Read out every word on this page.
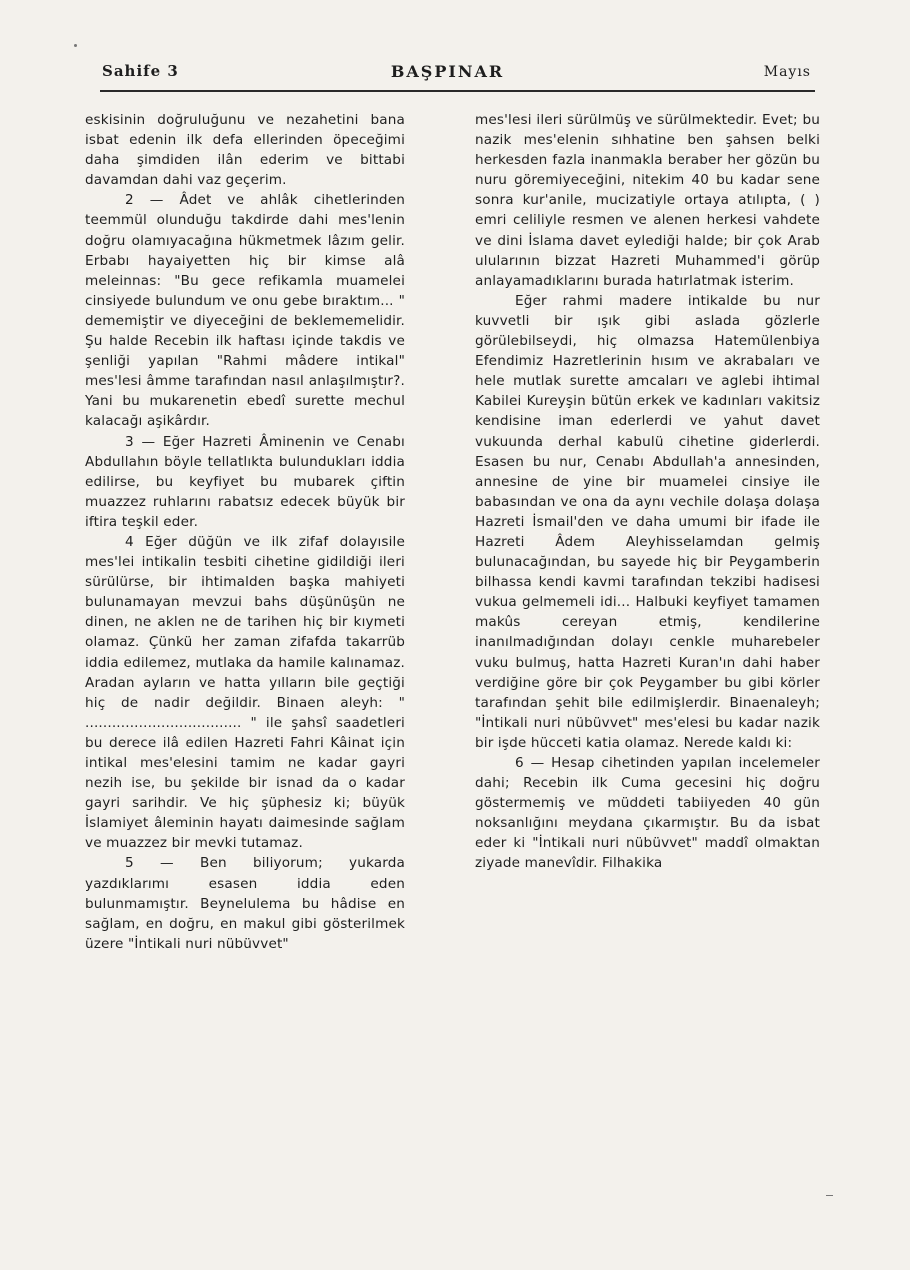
Sahife 3	BAŞPINAR	Mayıs

eskisinin doğruluğunu ve nezahetini bana isbat edenin ilk defa ellerinden öpeceğimi daha şimdiden ilân ederim ve bittabi davamdan dahi vaz geçerim.

2 — Âdet ve ahlâk cihetlerinden teemmül olunduğu takdirde dahi mes'lenin doğru olamıyacağına hükmetmek lâzım gelir. Erbabı hayaiyetten hiç bir kimse alâ meleinnas: "Bu gece refikamla muamelei cinsiyede bulundum ve onu gebe bıraktım... " dememiştir ve diyeceğini de beklememelidir. Şu halde Recebin ilk haftası içinde takdis ve şenliği yapılan "Rahmi mâdere intikal" mes'lesi âmme tarafından nasıl anlaşılmıştır?. Yani bu mukarenetin ebedî surette mechul kalacağı aşikârdır.

3 — Eğer Hazreti Âminenin ve Cenabı Abdullahın böyle tellatlıkta bulundukları iddia edilirse, bu keyfiyet bu mubarek çiftin muazzez ruhlarını rabatsız edecek büyük bir iftira teşkil eder.

4 Eğer düğün ve ilk zifaf dolayısile mes'lei intikalin tesbiti cihetine gidildiği ileri sürülürse, bir ihtimalden başka mahiyeti bulunamayan mevzui bahs düşünüşün ne dinen, ne aklen ne de tarihen hiç bir kıymeti olamaz. Çünkü her zaman zifafda takarrüb iddia edilemez, mutlaka da hamile kalınamaz. Aradan ayların ve hatta yılların bile geçtiği hiç de nadir değildir. Binaen aleyh: " ................................... " ile şahsî saadetleri bu derece ilâ edilen Hazreti Fahri Kâinat için intikal mes'elesini tamim ne kadar gayri nezih ise, bu şekilde bir isnad da o kadar gayri sarihdir. Ve hiç şüphesiz ki; büyük İslamiyet âleminin hayatı daimesinde sağlam ve muazzez bir mevki tutamaz.

5 — Ben biliyorum; yukarda yazdıklarımı esasen iddia eden bulunmamıştır. Beynelulema bu hâdise en sağlam, en doğru, en makul gibi gösterilmek üzere "İntikali nuri nübüvvet"

mes'lesi ileri sürülmüş ve sürülmektedir. Evet; bu nazik mes'elenin sıhhatine ben şahsen belki herkesden fazla inanmakla beraber her gözün bu nuru göremiyeceğini, nitekim 40 bu kadar sene sonra kur'anile, mucizatiyle ortaya atılıpta, ( ) emri celiliyle resmen ve alenen herkesi vahdete ve dini İslama davet eylediği halde; bir çok Arab ulularının bizzat Hazreti Muhammed'i görüp anlayamadıklarını burada hatırlatmak isterim.

Eğer rahmi madere intikalde bu nur kuvvetli bir ışık gibi aslada gözlerle görülebilseydi, hiç olmazsa Hatemülenbiya Efendimiz Hazretlerinin hısım ve akrabaları ve hele mutlak surette amcaları ve aglebi ihtimal Kabilei Kureyşin bütün erkek ve kadınları vakitsiz kendisine iman ederlerdi ve yahut davet vukuunda derhal kabulü cihetine giderlerdi. Esasen bu nur, Cenabı Abdullah'a annesinden, annesine de yine bir muamelei cinsiye ile babasından ve ona da aynı vechile dolaşa dolaşa Hazreti İsmail'den ve daha umumi bir ifade ile Hazreti Âdem Aleyhisselamdan gelmiş bulunacağından, bu sayede hiç bir Peygamberin bilhassa kendi kavmi tarafından tekzibi hadisesi vukua gelmemeli idi... Halbuki keyfiyet tamamen makûs cereyan etmiş, kendilerine inanılmadığından dolayı cenkle muharebeler vuku bulmuş, hatta Hazreti Kuran'ın dahi haber verdiğine göre bir çok Peygamber bu gibi körler tarafından şehit bile edilmişlerdir. Binaenaleyh; "İntikali nuri nübüvvet" mes'elesi bu kadar nazik bir işde hücceti katia olamaz. Nerede kaldı ki:

6 — Hesap cihetinden yapılan incelemeler dahi; Recebin ilk Cuma gecesini hiç doğru göstermemiş ve müddeti tabiiyeden 40 gün noksanlığını meydana çıkarmıştır. Bu da isbat eder ki "İntikali nuri nübüvvet" maddî olmaktan ziyade manevîdir. Filhakika
